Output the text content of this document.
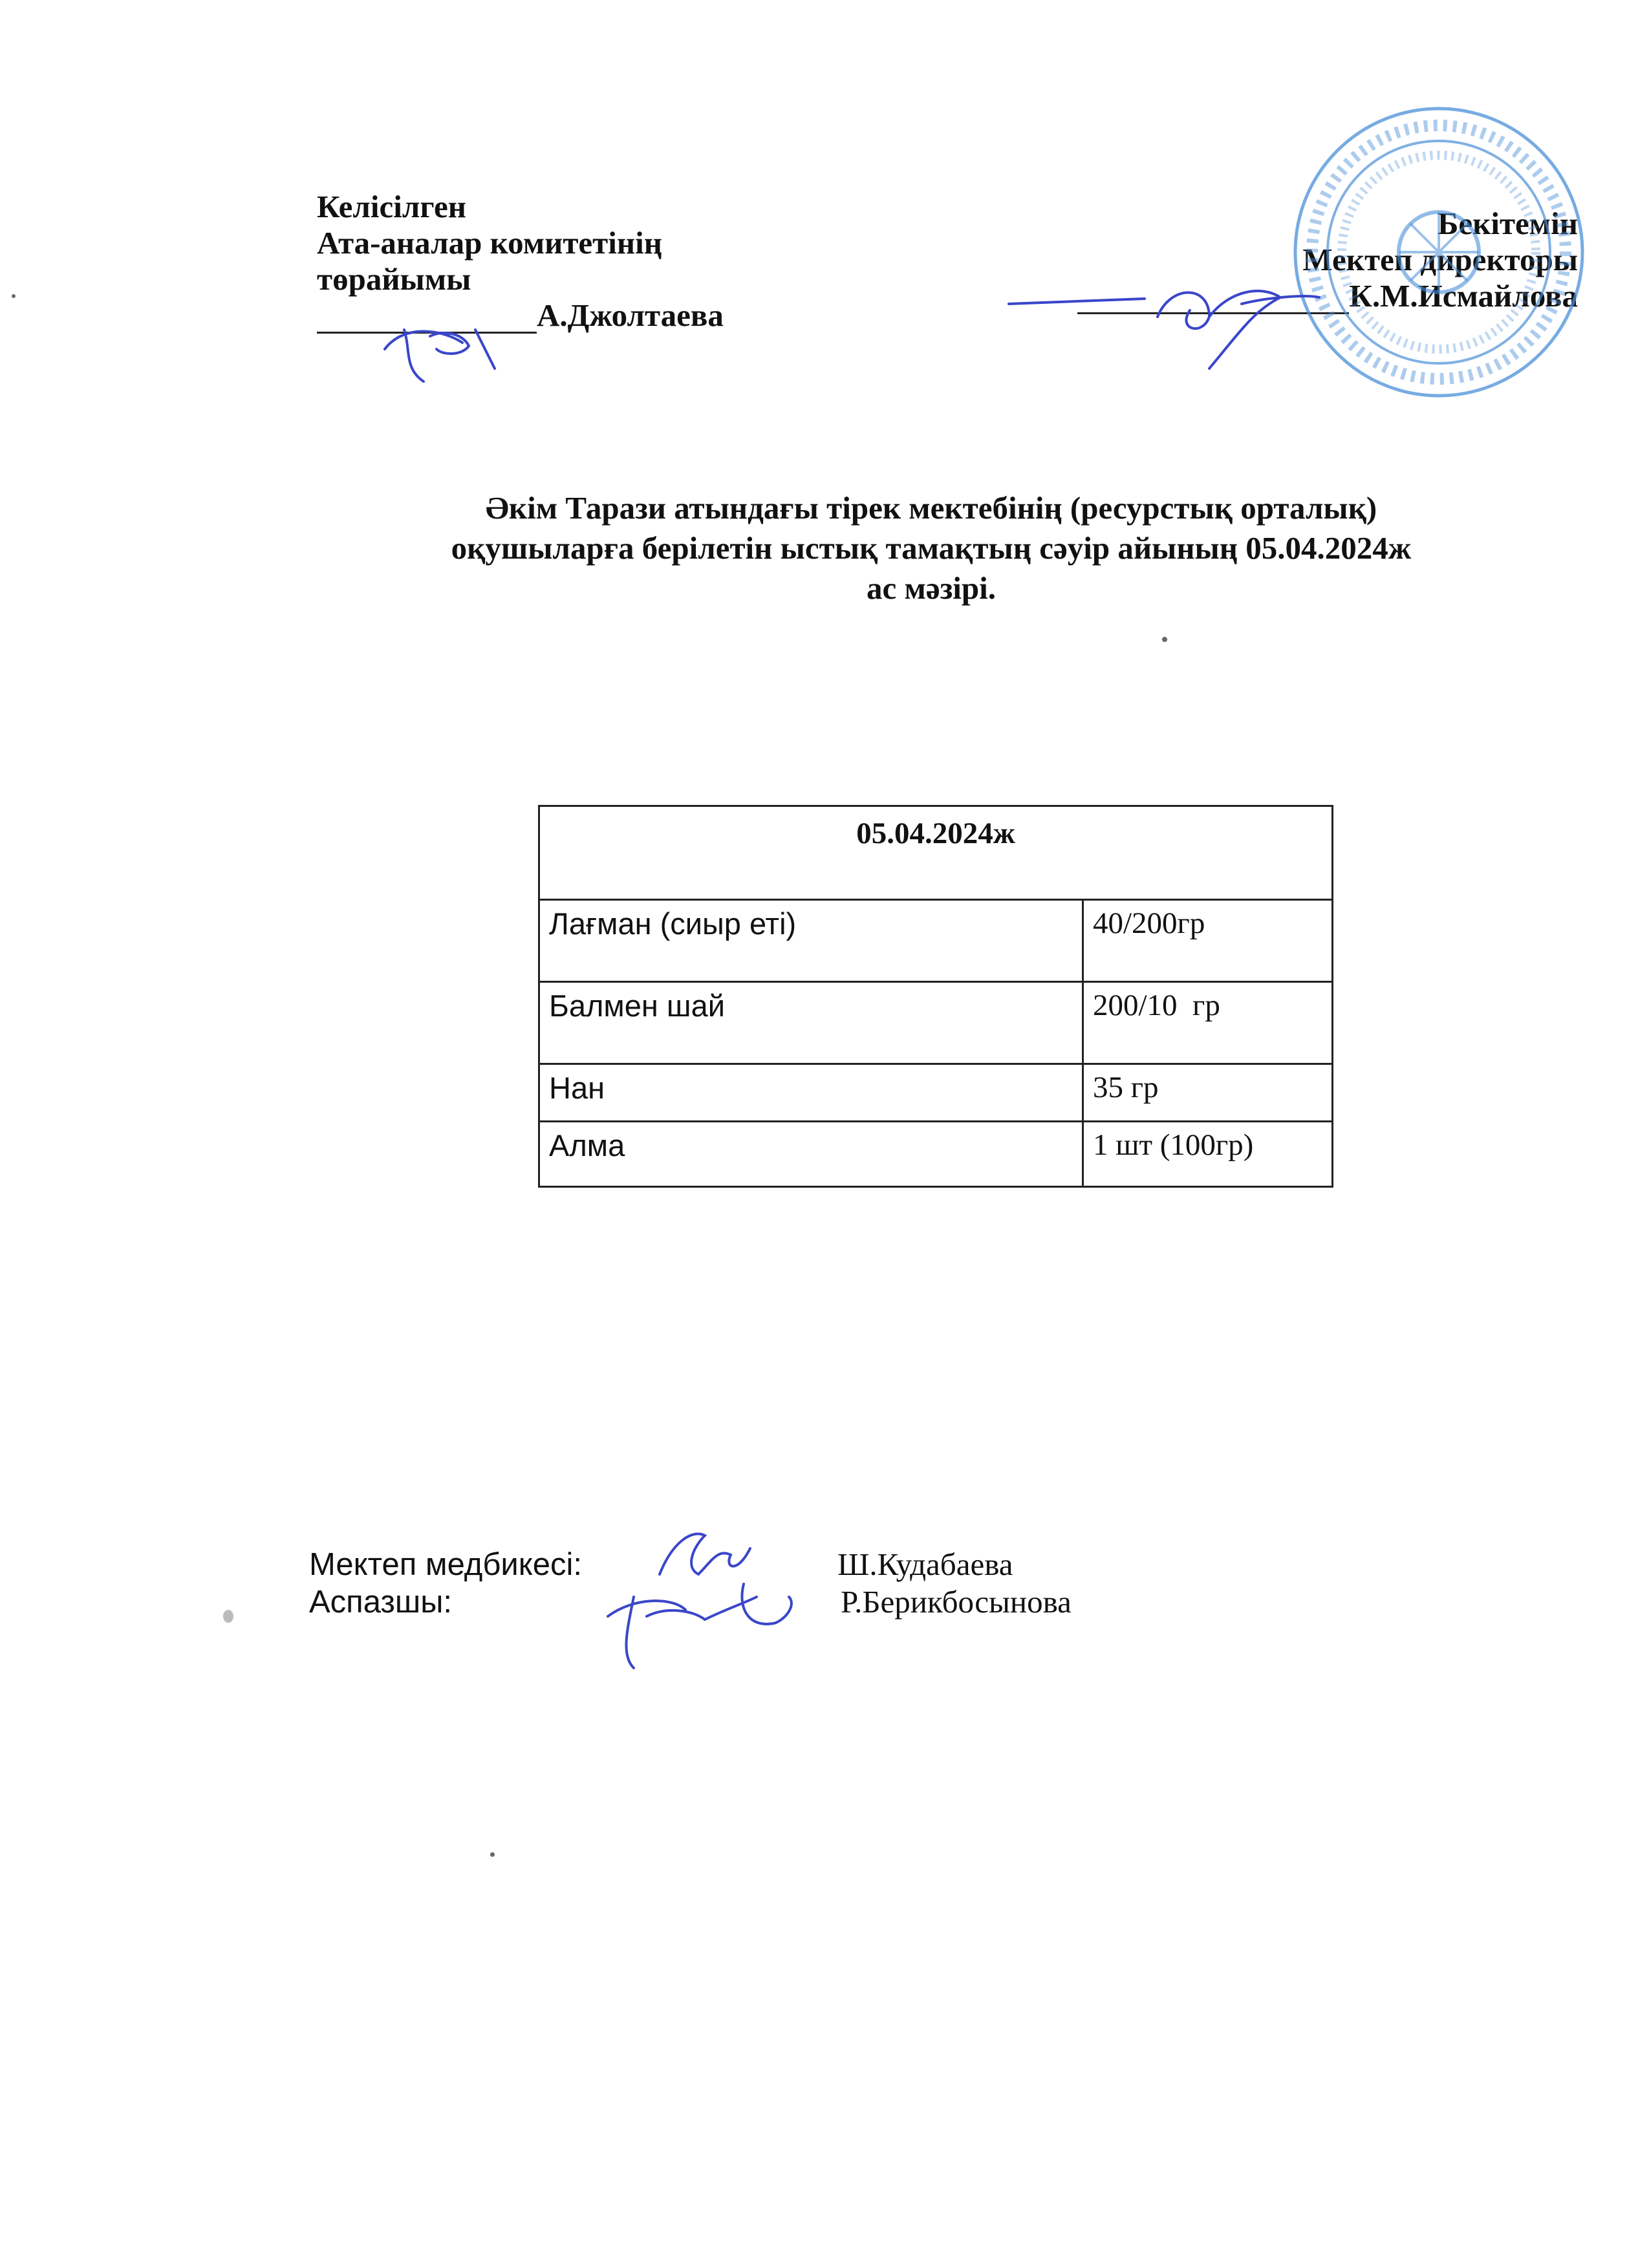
Келісілген
Ата-аналар комитетінің
төрайымы
А.Джолтаева
Бекітемін
Мектеп директоры
К.М.Исмайлова
Әкім Тарази атындағы тірек мектебінің (ресурстық орталық)
оқушыларға берілетін ыстық тамақтың сәуір айының 05.04.2024ж
ас мәзірі.
05.04.2024ж	
Лағман (сиыр еті)	40/200гр
Балмен шай	200/10  гр
Нан	35 гр
Алма	1 шт (100гр)
Мектеп медбикесі:	Ш.Кудабаева
Аспазшы:	Р.Берикбосынова
